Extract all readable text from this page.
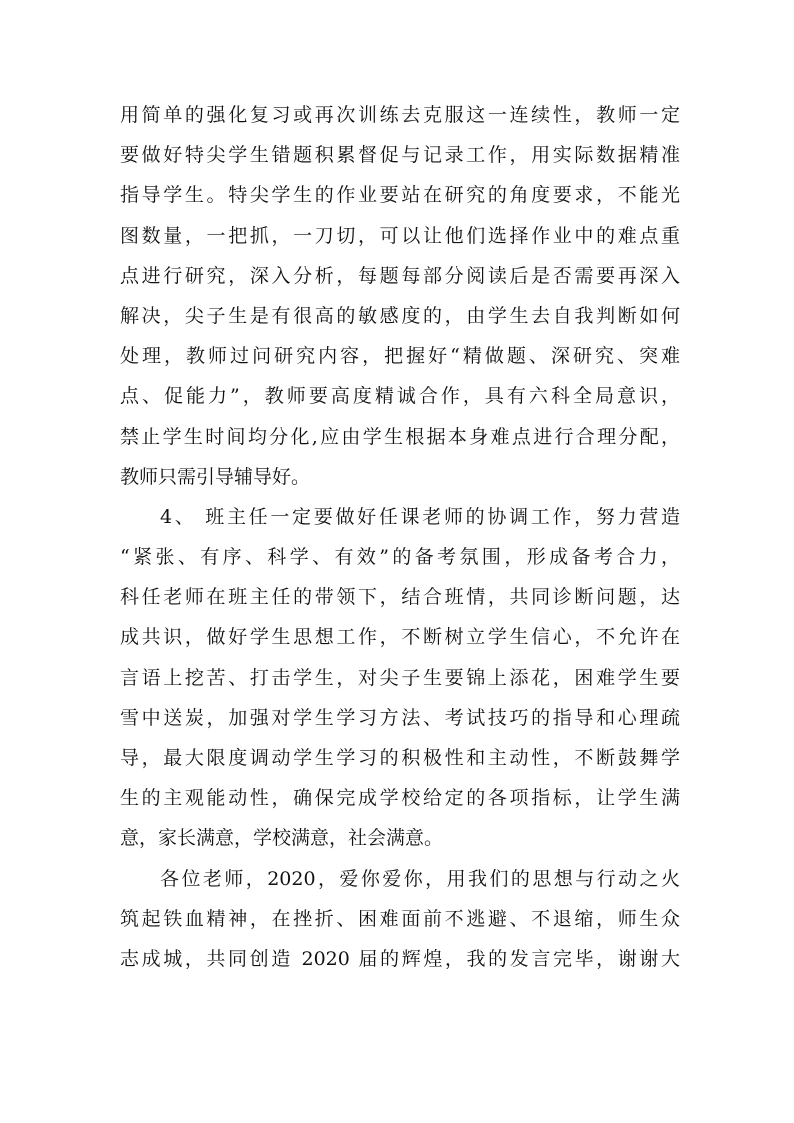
用简单的强化复习或再次训练去克服这一连续性，教师一定
要做好特尖学生错题积累督促与记录工作，用实际数据精准
指导学生。特尖学生的作业要站在研究的角度要求，不能光
图数量，一把抓，一刀切，可以让他们选择作业中的难点重
点进行研究，深入分析，每题每部分阅读后是否需要再深入
解决，尖子生是有很高的敏感度的，由学生去自我判断如何
处理，教师过问研究内容，把握好“精做题、深研究、突难
点、促能力”，教师要高度精诚合作，具有六科全局意识，
禁止学生时间均分化,应由学生根据本身难点进行合理分配，
教师只需引导辅导好。
4、 班主任一定要做好任课老师的协调工作，努力营造
“紧张、有序、科学、有效”的备考氛围，形成备考合力，
科任老师在班主任的带领下，结合班情，共同诊断问题，达
成共识，做好学生思想工作，不断树立学生信心，不允许在
言语上挖苦、打击学生，对尖子生要锦上添花，困难学生要
雪中送炭，加强对学生学习方法、考试技巧的指导和心理疏
导，最大限度调动学生学习的积极性和主动性，不断鼓舞学
生的主观能动性，确保完成学校给定的各项指标，让学生满
意，家长满意，学校满意，社会满意。
各位老师，2020，爱你爱你，用我们的思想与行动之火
筑起铁血精神，在挫折、困难面前不逃避、不退缩，师生众
志成城，共同创造 2020 届的辉煌，我的发言完毕，谢谢大
